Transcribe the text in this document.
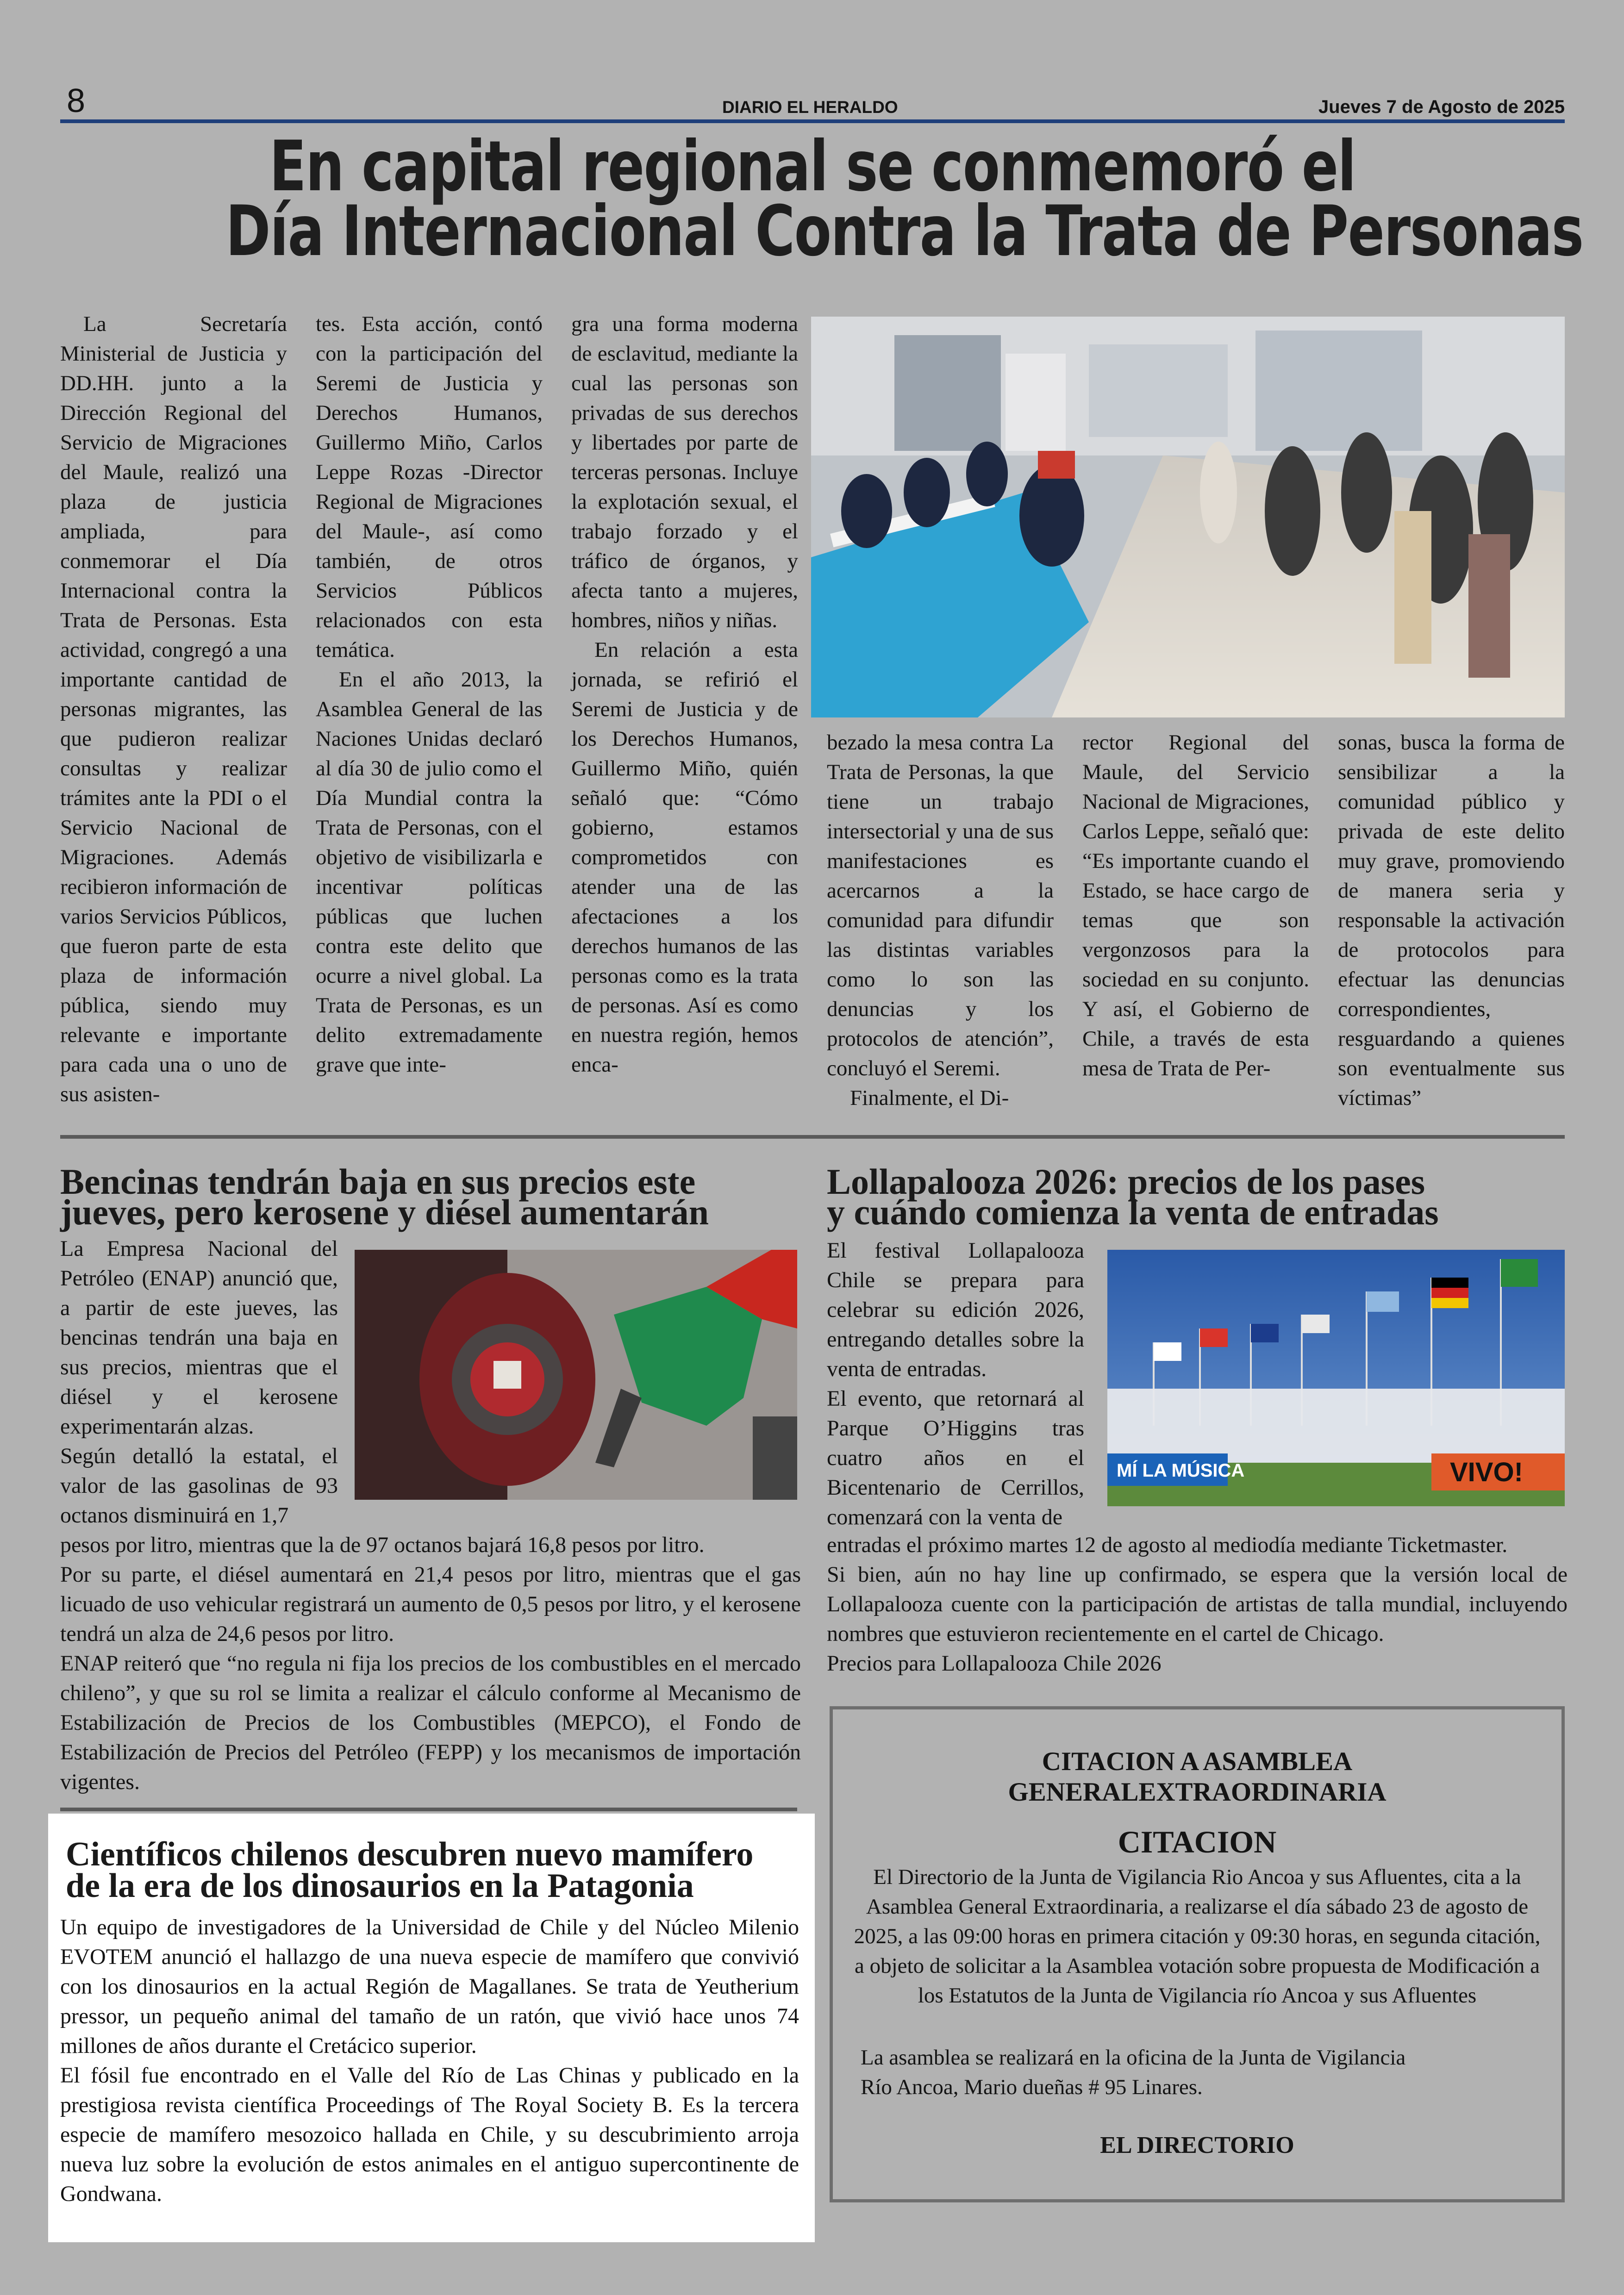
8	DIARIO EL HERALDO	Jueves 7 de Agosto de 2025
En capital regional se conmemoró el
Día Internacional Contra la Trata de Personas

La Secretaría Ministerial de Justicia y DD.HH. junto a la Dirección Regional del Servicio de Migraciones del Maule, realizó una plaza de justicia ampliada, para conmemorar el Día Internacional contra la Trata de Personas. Esta actividad, congregó a una importante cantidad de personas migrantes, las que pudieron realizar consultas y realizar trámites ante la PDI o el Servicio Nacional de Migraciones. Además recibieron información de varios Servicios Públicos, que fueron parte de esta plaza de información pública, siendo muy relevante e importante para cada una o uno de sus asisten-

tes. Esta acción, contó con la participación del Seremi de Justicia y Derechos Humanos, Guillermo Miño, Carlos Leppe Rozas -Director Regional de Migraciones del Maule-, así como también, de otros Servicios Públicos relacionados con esta temática.

En el año 2013, la Asamblea General de las Naciones Unidas declaró al día 30 de julio como el Día Mundial contra la Trata de Personas, con el objetivo de visibilizarla e incentivar políticas públicas que luchen contra este delito que ocurre a nivel global. La Trata de Personas, es un delito extremadamente grave que inte-

gra una forma moderna de esclavitud, mediante la cual las personas son privadas de sus derechos y libertades por parte de terceras personas. Incluye la explotación sexual, el trabajo forzado y el tráfico de órganos, y afecta tanto a mujeres, hombres, niños y niñas.

En relación a esta jornada, se refirió el Seremi de Justicia y de los Derechos Humanos, Guillermo Miño, quién señaló que: “Cómo gobierno, estamos comprometidos con atender una de las afectaciones a los derechos humanos de las personas como es la trata de personas. Así es como en nuestra región, hemos enca-

bezado la mesa contra La Trata de Personas, la que tiene un trabajo intersectorial y una de sus manifestaciones es acercarnos a la comunidad para difundir las distintas variables como lo son las denuncias y los protocolos de atención”, concluyó el Seremi.

Finalmente, el Di-

rector Regional del Maule, del Servicio Nacional de Migraciones, Carlos Leppe, señaló que: “Es importante cuando el Estado, se hace cargo de temas que son vergonzosos para la sociedad en su conjunto. Y así, el Gobierno de Chile, a través de esta mesa de Trata de Per-

sonas, busca la forma de sensibilizar a la comunidad público y privada de este delito muy grave, promoviendo de manera seria y responsable la activación de protocolos para efectuar las denuncias correspondientes, resguardando a quienes son eventualmente sus víctimas”

Bencinas tendrán baja en sus precios este
jueves, pero kerosene y diésel aumentarán

La Empresa Nacional del Petróleo (ENAP) anunció que, a partir de este jueves, las bencinas tendrán una baja en sus precios, mientras que el diésel y el kerosene experimentarán alzas.

Según detalló la estatal, el valor de las gasolinas de 93 octanos disminuirá en 1,7

pesos por litro, mientras que la de 97 octanos bajará 16,8 pesos por litro.

Por su parte, el diésel aumentará en 21,4 pesos por litro, mientras que el gas licuado de uso vehicular registrará un aumento de 0,5 pesos por litro, y el kerosene tendrá un alza de 24,6 pesos por litro.

ENAP reiteró que “no regula ni fija los precios de los combustibles en el mercado chileno”, y que su rol se limita a realizar el cálculo conforme al Mecanismo de Estabilización de Precios de los Combustibles (MEPCO), el Fondo de Estabilización de Precios del Petróleo (FEPP) y los mecanismos de importación vigentes.

Científicos chilenos descubren nuevo mamífero
de la era de los dinosaurios en la Patagonia

Un equipo de investigadores de la Universidad de Chile y del Núcleo Milenio EVOTEM anunció el hallazgo de una nueva especie de mamífero que convivió con los dinosaurios en la actual Región de Magallanes. Se trata de Yeutherium pressor, un pequeño animal del tamaño de un ratón, que vivió hace unos 74 millones de años durante el Cretácico superior.

El fósil fue encontrado en el Valle del Río de Las Chinas y publicado en la prestigiosa revista científica Proceedings of The Royal Society B. Es la tercera especie de mamífero mesozoico hallada en Chile, y su descubrimiento arroja nueva luz sobre la evolución de estos animales en el antiguo supercontinente de Gondwana.

Lollapalooza 2026: precios de los pases
y cuándo comienza la venta de entradas

El festival Lollapalooza Chile se prepara para celebrar su edición 2026, entregando detalles sobre la venta de entradas.

El evento, que retornará al Parque O’Higgins tras cuatro años en el Bicentenario de Cerrillos, comenzará con la venta de

MÍ LA MÚSICA	VIVO!

entradas el próximo martes 12 de agosto al mediodía mediante Ticketmaster.

Si bien, aún no hay line up confirmado, se espera que la versión local de Lollapalooza cuente con la participación de artistas de talla mundial, incluyendo nombres que estuvieron recientemente en el cartel de Chicago.

Precios para Lollapalooza Chile 2026

CITACION A ASAMBLEA
GENERALEXTRAORDINARIA
CITACION
El Directorio de la Junta de Vigilancia Rio Ancoa y sus Afluentes, cita a la Asamblea General Extraordinaria, a realizarse el día sábado 23 de agosto de 2025, a las 09:00 horas en primera citación y 09:30 horas, en segunda citación, a objeto de solicitar a la Asamblea votación sobre propuesta de Modificación a los Estatutos de la Junta de Vigilancia río Ancoa y sus Afluentes
La asamblea se realizará en la oficina de la Junta de Vigilancia
Río Ancoa, Mario dueñas # 95 Linares.
EL DIRECTORIO
